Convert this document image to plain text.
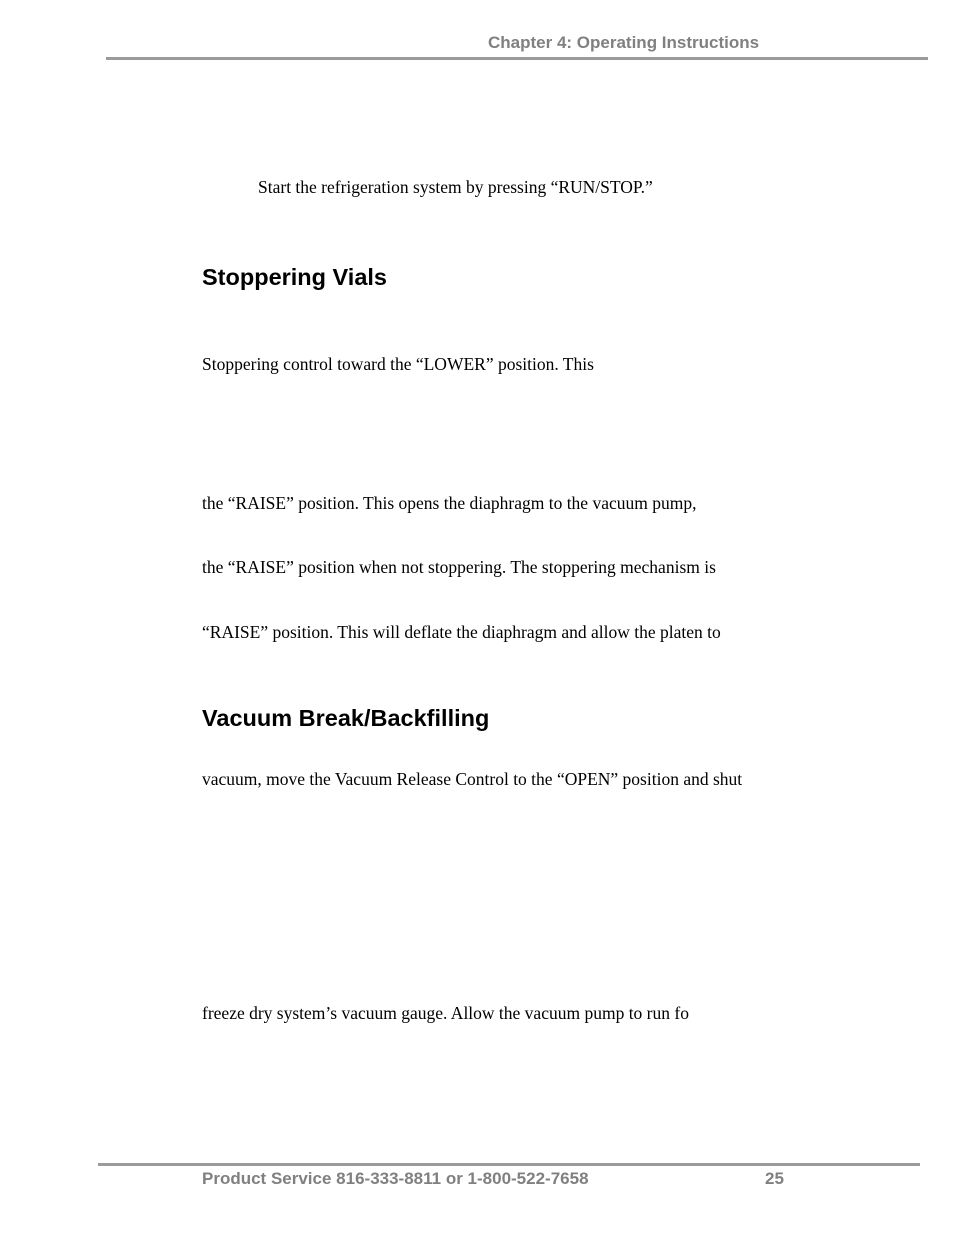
Chapter 4: Operating Instructions
Start the refrigeration system by pressing “RUN/STOP.”
Stoppering Vials
Stoppering control toward the “LOWER” position. This
the “RAISE” position. This opens the diaphragm to the vacuum pump,
the “RAISE” position when not stoppering. The stoppering mechanism is
“RAISE” position. This will deflate the diaphragm and allow the platen to
Vacuum Break/Backfilling
vacuum, move the Vacuum Release Control to the “OPEN” position and shut
freeze dry system’s vacuum gauge. Allow the vacuum pump to run fo
Product Service 816-333-8811 or 1-800-522-7658	25
